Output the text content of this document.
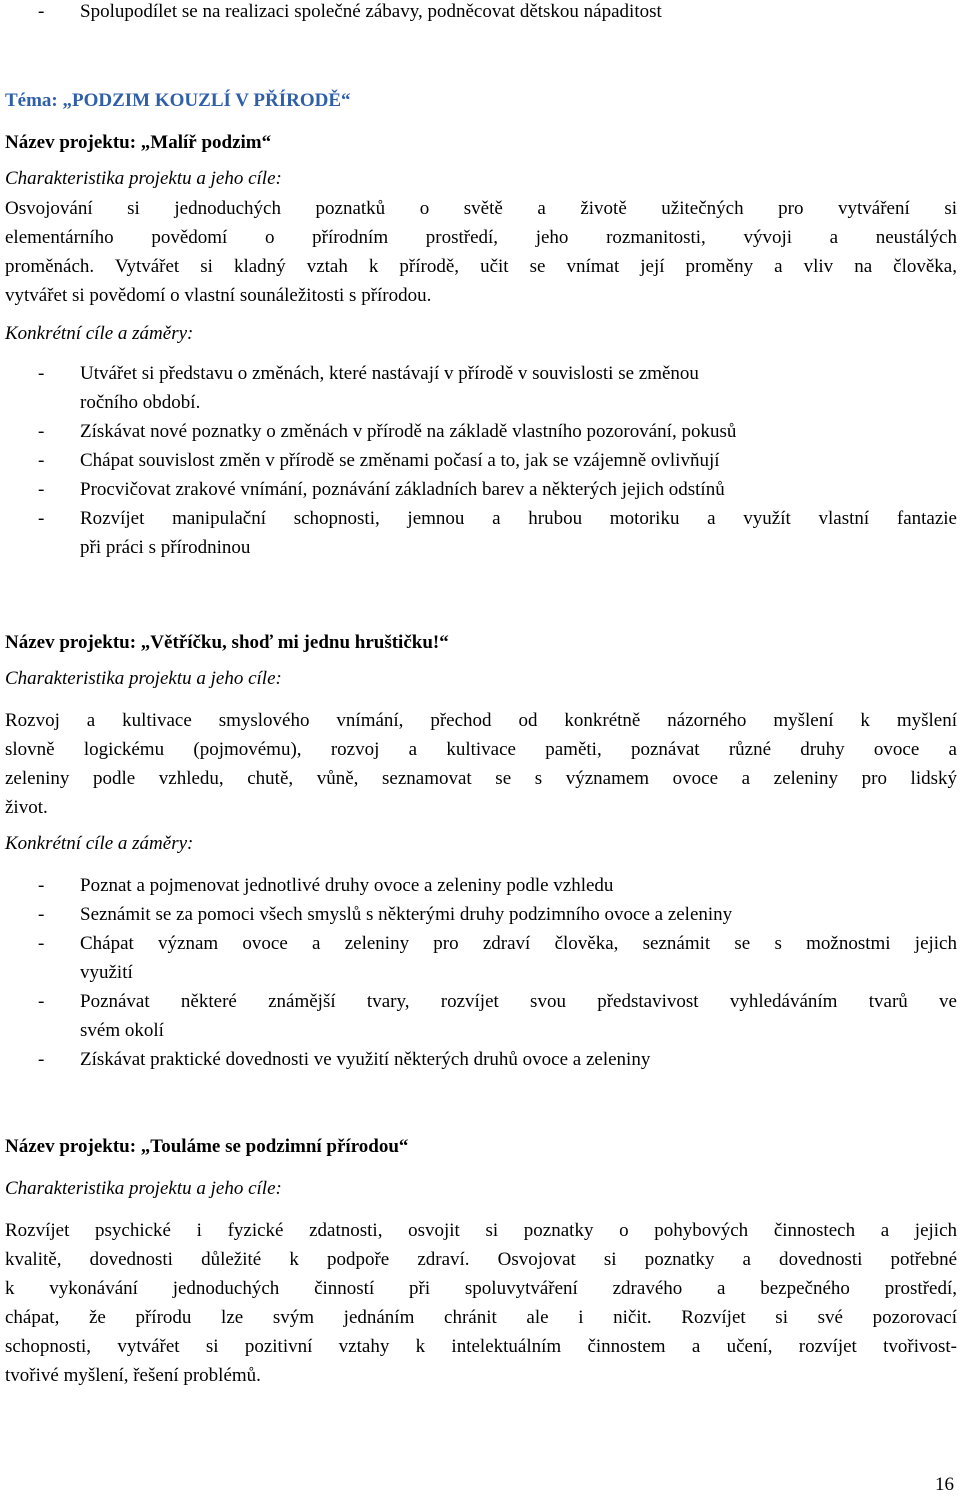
- Spolupodílet se na realizaci společné zábavy, podněcovat dětskou nápaditost
Téma: „PODZIM KOUZLÍ V PŘÍRODĚ“
Název projektu: „Malíř podzim“
Charakteristika projektu a jeho cíle:
Osvojování si jednoduchých poznatků o světě a životě užitečných pro vytváření si
elementárního povědomí o přírodním prostředí, jeho rozmanitosti, vývoji a neustálých
proměnách. Vytvářet si kladný vztah k přírodě, učit se vnímat její proměny a vliv na člověka,
vytvářet si povědomí o vlastní sounáležitosti s přírodou.
Konkrétní cíle a záměry:
- Utvářet si představu o změnách, které nastávají v přírodě v souvislosti se změnou
ročního období.
- Získávat nové poznatky o změnách v přírodě na základě vlastního pozorování, pokusů
- Chápat souvislost změn v přírodě se změnami počasí a to, jak se vzájemně ovlivňují
- Procvičovat zrakové vnímání, poznávání základních barev a některých jejich odstínů
- Rozvíjet manipulační schopnosti, jemnou a hrubou motoriku a využít vlastní fantazie
při práci s přírodninou
Název projektu: „Větříčku, shoď mi jednu hruštičku!“
Charakteristika projektu a jeho cíle:
Rozvoj a kultivace smyslového vnímání, přechod od konkrétně názorného myšlení k myšlení
slovně logickému (pojmovému), rozvoj a kultivace paměti, poznávat různé druhy ovoce a
zeleniny podle vzhledu, chutě, vůně, seznamovat se s významem ovoce a zeleniny pro lidský
život.
Konkrétní cíle a záměry:
- Poznat a pojmenovat jednotlivé druhy ovoce a zeleniny podle vzhledu
- Seznámit se za pomoci všech smyslů s některými druhy podzimního ovoce a zeleniny
- Chápat význam ovoce a zeleniny pro zdraví člověka, seznámit se s možnostmi jejich
využití
- Poznávat některé známější tvary, rozvíjet svou představivost vyhledáváním tvarů ve
svém okolí
- Získávat praktické dovednosti ve využití některých druhů ovoce a zeleniny
Název projektu: „Touláme se podzimní přírodou“
Charakteristika projektu a jeho cíle:
Rozvíjet psychické i fyzické zdatnosti, osvojit si poznatky o pohybových činnostech a jejich
kvalitě, dovednosti důležité k podpoře zdraví. Osvojovat si poznatky a dovednosti potřebné
k vykonávání jednoduchých činností při spoluvytváření zdravého a bezpečného prostředí,
chápat, že přírodu lze svým jednáním chránit ale i ničit. Rozvíjet si své pozorovací
schopnosti, vytvářet si pozitivní vztahy k intelektuálním činnostem a učení, rozvíjet tvořivost-
tvořivé myšlení, řešení problémů.
16
